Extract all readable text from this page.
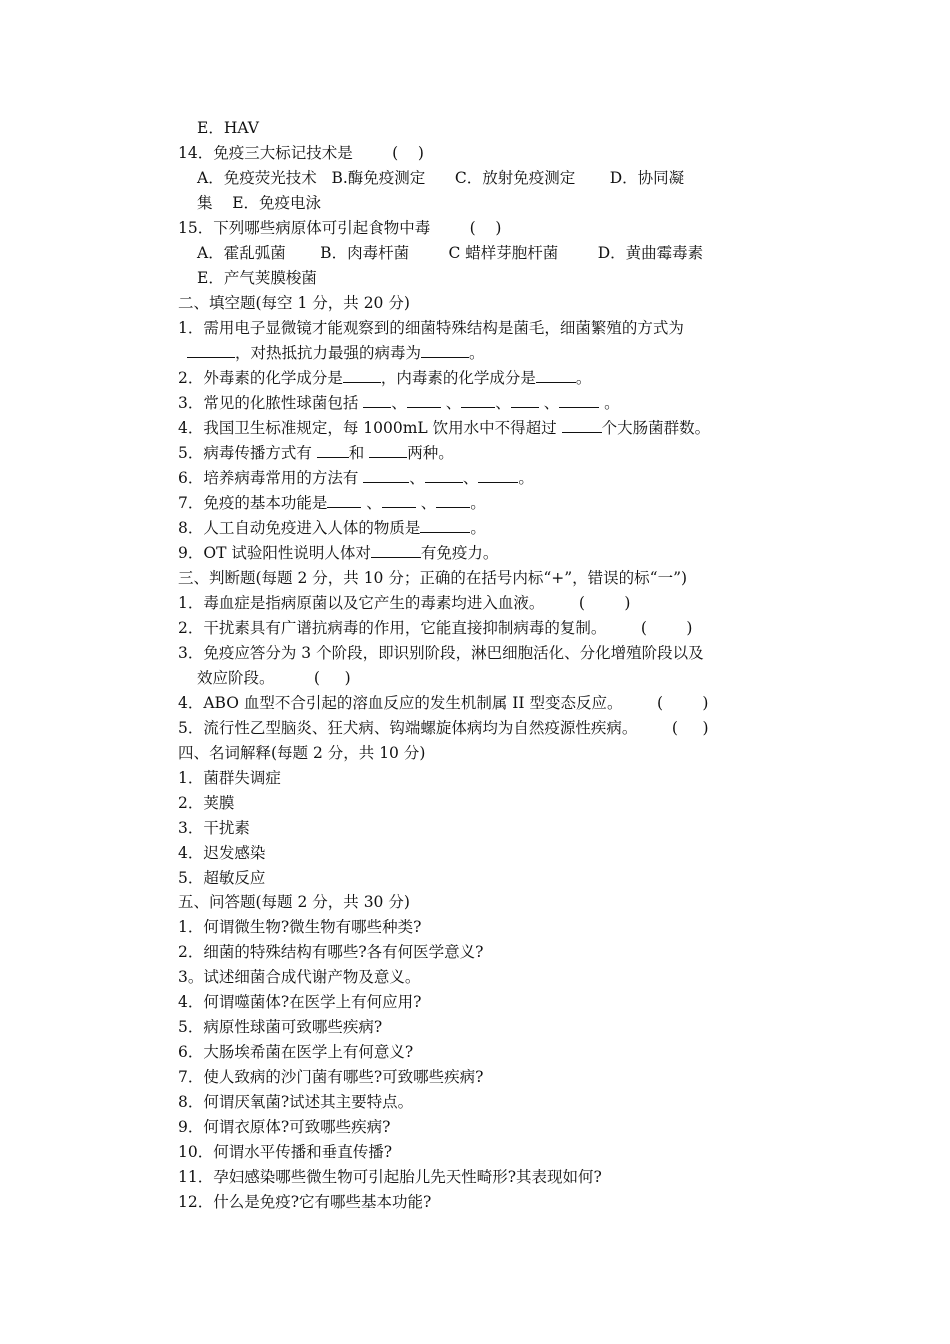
E．HAV
14．免疫三大标记技术是        (    )
A．免疫荧光技术   B.酶免疫测定      C．放射免疫测定       D．协同凝
集    E．免疫电泳
15．下列哪些病原体可引起食物中毒        (    )
A．霍乱弧菌       B．肉毒杆菌        C 蜡样芽胞杆菌        D．黄曲霉毒素
E．产气荚膜梭菌
二、填空题(每空 1 分，共 20 分)
1．需用电子显微镜才能观察到的细菌特殊结构是菌毛，细菌繁殖的方式为
，对热抵抗力最强的病毒为	。
2．外毒素的化学成分是 ，内毒素的化学成分是	。
3．常见的化脓性球菌包括 、 、 、 、	。
4．我国卫生标准规定，每 1000mL 饮用水中不得超过	个大肠菌群数。
5．病毒传播方式有 和 两种。
6．培养病毒常用的方法有	、 、	。
7．免疫的基本功能是 、 、 。
8．人工自动免疫进入人体的物质是	。
9．OT 试验阳性说明人体对	有免疫力。
三、判断题(每题 2 分，共 10 分；正确的在括号内标“+”，错误的标“一”)
1．毒血症是指病原菌以及它产生的毒素均进入血液。       (        )
2．干扰素具有广谱抗病毒的作用，它能直接抑制病毒的复制。       (        )
3．免疫应答分为 3 个阶段，即识别阶段，淋巴细胞活化、分化增殖阶段以及
效应阶段。        (     )
4．ABO 血型不合引起的溶血反应的发生机制属 II 型变态反应。       (        )
5．流行性乙型脑炎、狂犬病、钩端螺旋体病均为自然疫源性疾病。       (     )
四、名词解释(每题 2 分，共 10 分)
1．菌群失调症
2．荚膜
3．干扰素
4．迟发感染
5．超敏反应
五、问答题(每题 2 分，共 30 分)
1．何谓微生物?微生物有哪些种类?
2．细菌的特殊结构有哪些?各有何医学意义?
3。试述细菌合成代谢产物及意义。
4．何谓噬菌体?在医学上有何应用?
5．病原性球菌可致哪些疾病?
6．大肠埃希菌在医学上有何意义?
7．使人致病的沙门菌有哪些?可致哪些疾病?
8．何谓厌氧菌?试述其主要特点。
9．何谓衣原体?可致哪些疾病?
10．何谓水平传播和垂直传播?
11．孕妇感染哪些微生物可引起胎儿先天性畸形?其表现如何?
12．什么是免疫?它有哪些基本功能?
